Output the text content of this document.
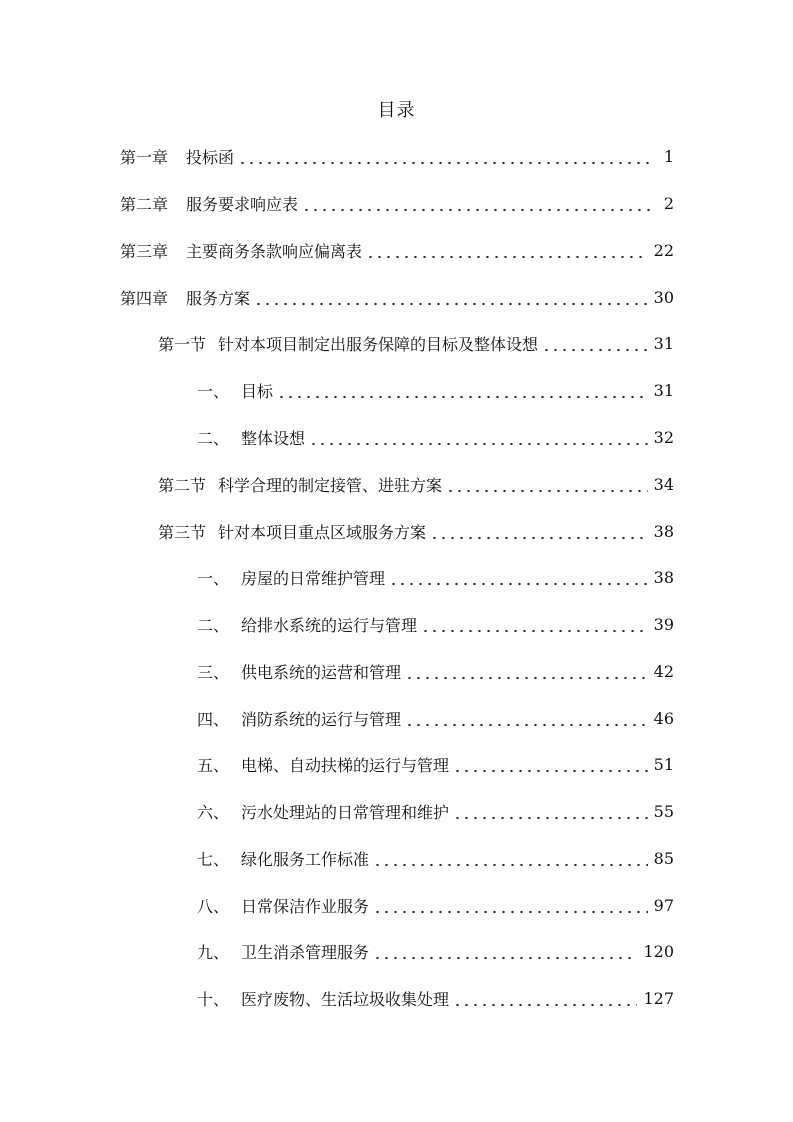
目录
第一章	投标函	1
第二章	服务要求响应表	2
第三章	主要商务条款响应偏离表	22
第四章	服务方案	30
第一节 针对本项目制定出服务保障的目标及整体设想	31
一、 目标	31
二、 整体设想	32
第二节 科学合理的制定接管、进驻方案	34
第三节 针对本项目重点区域服务方案	38
一、 房屋的日常维护管理	38
二、 给排水系统的运行与管理	39
三、 供电系统的运营和管理	42
四、 消防系统的运行与管理	46
五、 电梯、自动扶梯的运行与管理	51
六、 污水处理站的日常管理和维护	55
七、 绿化服务工作标准	85
八、 日常保洁作业服务	97
九、 卫生消杀管理服务	120
十、 医疗废物、生活垃圾收集处理	127
